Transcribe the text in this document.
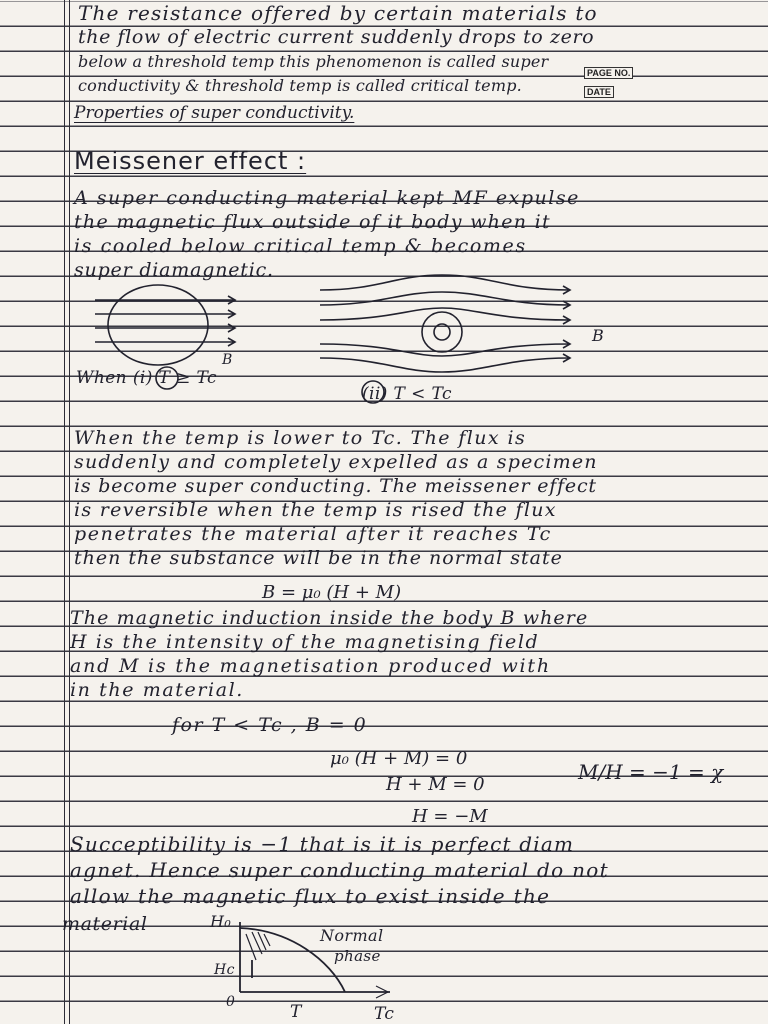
The resistance offered by certain materials to
the flow of electric current suddenly drops to zero
below a threshold temp this phenomenon is called super
conductivity & threshold temp is called critical temp.
PAGE NO.
DATE
Properties of super conductivity.
Meissener effect :
A super conducting material kept MF expulse
the magnetic flux outside of it body when it
is cooled below critical temp & becomes
super diamagnetic.
B
B
When (i) T ≥ Tc
(ii) T < Tc
When the temp is lower to Tc. The flux is
suddenly and completely expelled as a specimen
is become super conducting. The meissener effect
is reversible when the temp is rised the flux
penetrates the material after it reaches Tc
then the substance will be in the normal state
B = μ₀ (H + M)
The magnetic induction inside the body B where
H is the intensity of the magnetising field
and M is the magnetisation produced with
in the material.
for T < Tc , B = 0
μ₀ (H + M) = 0
H + M = 0
H = −M
M/H = −1 = χ
Succeptibility is −1 that is it is perfect diam
agnet. Hence super conducting material do not
allow the magnetic flux to exist inside the
material	H₀
Hc
0	T	Tc
Normal
phase
